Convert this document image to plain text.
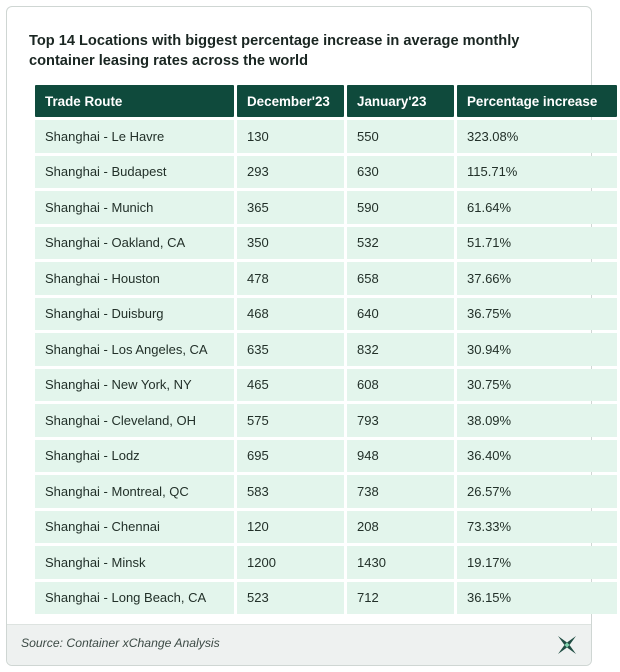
Top 14 Locations with biggest percentage increase in average monthly container leasing rates across the world
Trade Route	December'23	January'23	Percentage increase
Shanghai - Le Havre	130	550	323.08%
Shanghai - Budapest	293	630	115.71%
Shanghai - Munich	365	590	61.64%
Shanghai - Oakland, CA	350	532	51.71%
Shanghai - Houston	478	658	37.66%
Shanghai - Duisburg	468	640	36.75%
Shanghai - Los Angeles, CA	635	832	30.94%
Shanghai - New York, NY	465	608	30.75%
Shanghai - Cleveland, OH	575	793	38.09%
Shanghai - Lodz	695	948	36.40%
Shanghai - Montreal, QC	583	738	26.57%
Shanghai - Chennai	120	208	73.33%
Shanghai - Minsk	1200	1430	19.17%
Shanghai - Long Beach, CA	523	712	36.15%
Source: Container xChange Analysis
